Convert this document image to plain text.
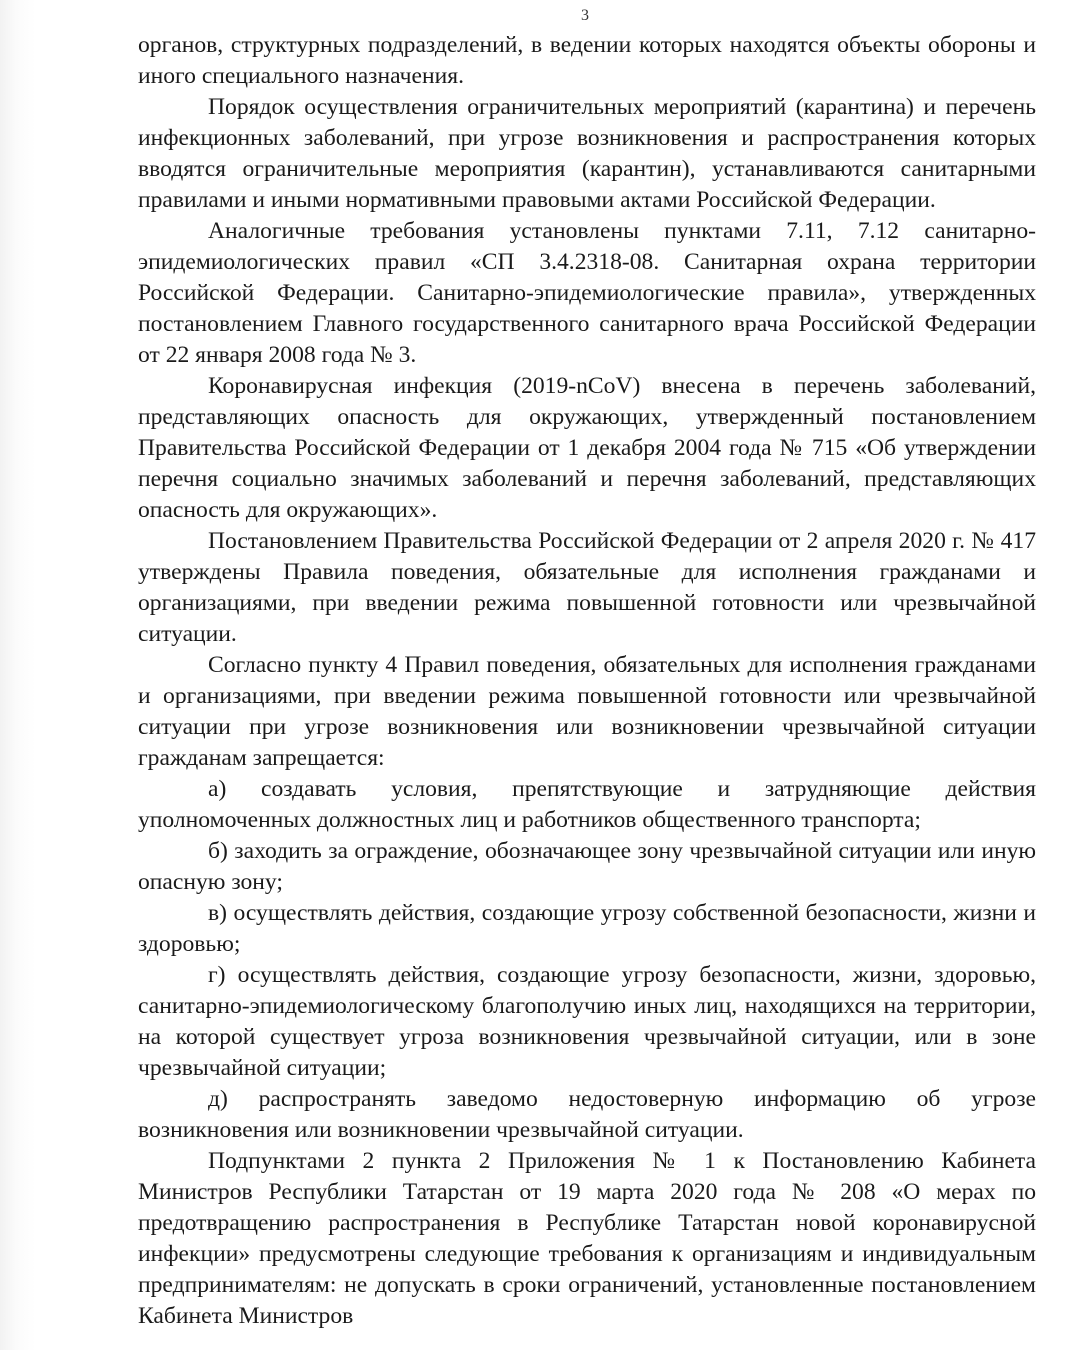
3

органов, структурных подразделений, в ведении которых находятся объекты обороны и иного специального назначения.

Порядок осуществления ограничительных мероприятий (карантина) и перечень инфекционных заболеваний, при угрозе возникновения и распространения которых вводятся ограничительные мероприятия (карантин), устанавливаются санитарными правилами и иными нормативными правовыми актами Российской Федерации.

Аналогичные требования установлены пунктами 7.11, 7.12 санитарно-эпидемиологических правил «СП 3.4.2318-08. Санитарная охрана территории Российской Федерации. Санитарно-эпидемиологические правила», утвержденных постановлением Главного государственного санитарного врача Российской Федерации от 22 января 2008 года № 3.

Коронавирусная инфекция (2019-nCoV) внесена в перечень заболеваний, представляющих опасность для окружающих, утвержденный постановлением Правительства Российской Федерации от 1 декабря 2004 года № 715 «Об утверждении перечня социально значимых заболеваний и перечня заболеваний, представляющих опасность для окружающих».

Постановлением Правительства Российской Федерации от 2 апреля 2020 г. № 417 утверждены Правила поведения, обязательные для исполнения гражданами и организациями, при введении режима повышенной готовности или чрезвычайной ситуации.

Согласно пункту 4 Правил поведения, обязательных для исполнения гражданами и организациями, при введении режима повышенной готовности или чрезвычайной ситуации при угрозе возникновения или возникновении чрезвычайной ситуации гражданам запрещается:

а) создавать условия, препятствующие и затрудняющие действия уполномоченных должностных лиц и работников общественного транспорта;

б) заходить за ограждение, обозначающее зону чрезвычайной ситуации или иную опасную зону;

в) осуществлять действия, создающие угрозу собственной безопасности, жизни и здоровью;

г) осуществлять действия, создающие угрозу безопасности, жизни, здоровью, санитарно-эпидемиологическому благополучию иных лиц, находящихся на территории, на которой существует угроза возникновения чрезвычайной ситуации, или в зоне чрезвычайной ситуации;

д) распространять заведомо недостоверную информацию об угрозе возникновения или возникновении чрезвычайной ситуации.

Подпунктами 2 пункта 2 Приложения № 1 к Постановлению Кабинета Министров Республики Татарстан от 19 марта 2020 года № 208 «О мерах по предотвращению распространения в Республике Татарстан новой коронавирусной инфекции» предусмотрены следующие требования к организациям и индивидуальным предпринимателям: не допускать в сроки ограничений, установленные постановлением Кабинета Министров
